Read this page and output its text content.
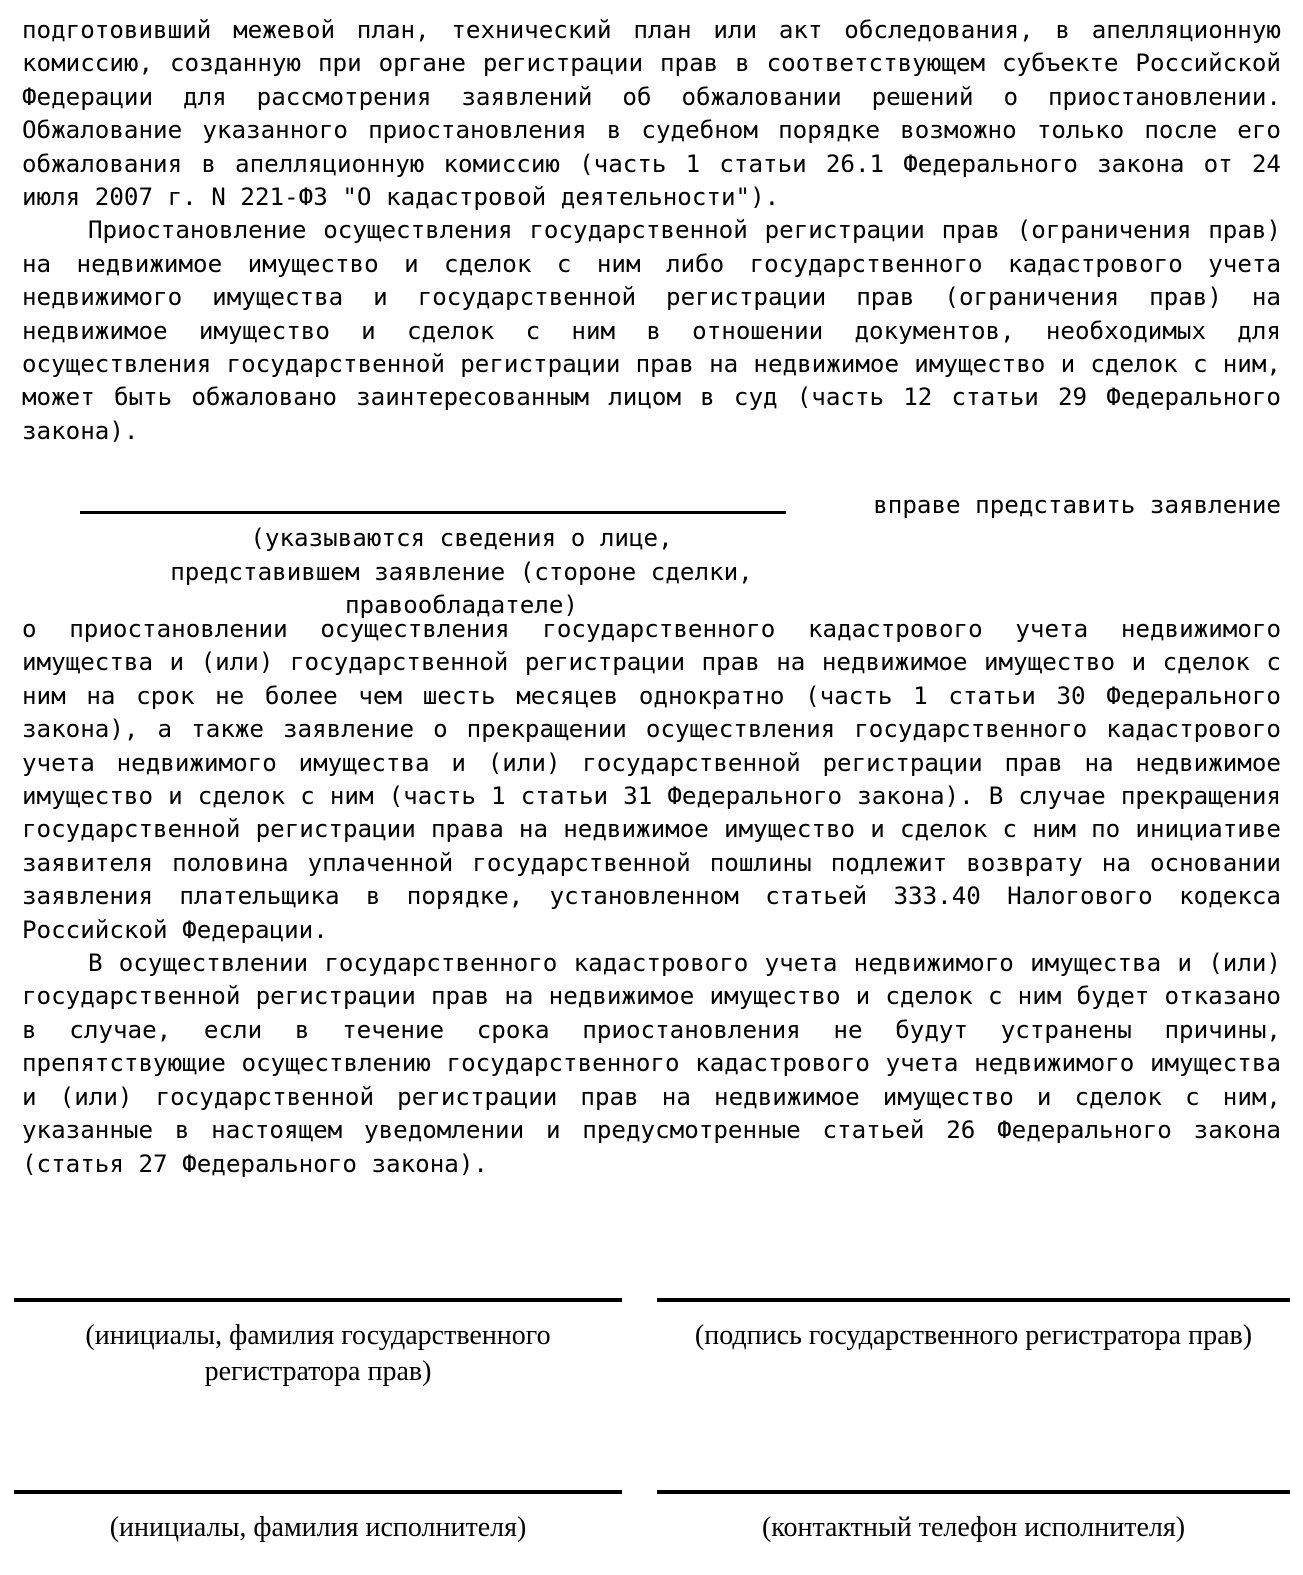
подготовивший межевой план, технический план или акт обследования, в апелляционную комиссию, созданную при органе регистрации прав в соответствующем субъекте Российской Федерации для рассмотрения заявлений об обжаловании решений о приостановлении. Обжалование указанного приостановления в судебном порядке возможно только после его обжалования в апелляционную комиссию (часть 1 статьи 26.1 Федерального закона от 24 июля 2007 г. N 221-ФЗ "О кадастровой деятельности").

Приостановление осуществления государственной регистрации прав (ограничения прав) на недвижимое имущество и сделок с ним либо государственного кадастрового учета недвижимого имущества и государственной регистрации прав (ограничения прав) на недвижимое имущество и сделок с ним в отношении документов, необходимых для осуществления государственной регистрации прав на недвижимое имущество и сделок с ним, может быть обжаловано заинтересованным лицом в суд (часть 12 статьи 29 Федерального закона).

вправе представить заявление

(указываются сведения о лице,

представившем заявление (стороне сделки,

правообладателе)

о приостановлении осуществления государственного кадастрового учета недвижимого имущества и (или) государственной регистрации прав на недвижимое имущество и сделок с ним на срок не более чем шесть месяцев однократно (часть 1 статьи 30 Федерального закона), а также заявление о прекращении осуществления государственного кадастрового учета недвижимого имущества и (или) государственной регистрации прав на недвижимое имущество и сделок с ним (часть 1 статьи 31 Федерального закона). В случае прекращения государственной регистрации права на недвижимое имущество и сделок с ним по инициативе заявителя половина уплаченной государственной пошлины подлежит возврату на основании заявления плательщика в порядке, установленном статьей 333.40 Налогового кодекса Российской Федерации.

В осуществлении государственного кадастрового учета недвижимого имущества и (или) государственной регистрации прав на недвижимое имущество и сделок с ним будет отказано в случае, если в течение срока приостановления не будут устранены причины, препятствующие осуществлению государственного кадастрового учета недвижимого имущества и (или) государственной регистрации прав на недвижимое имущество и сделок с ним, указанные в настоящем уведомлении и предусмотренные статьей 26 Федерального закона (статья 27 Федерального закона).

(инициалы, фамилия государственного регистратора прав)
(подпись государственного регистратора прав)
(инициалы, фамилия исполнителя)	(контактный телефон исполнителя)
